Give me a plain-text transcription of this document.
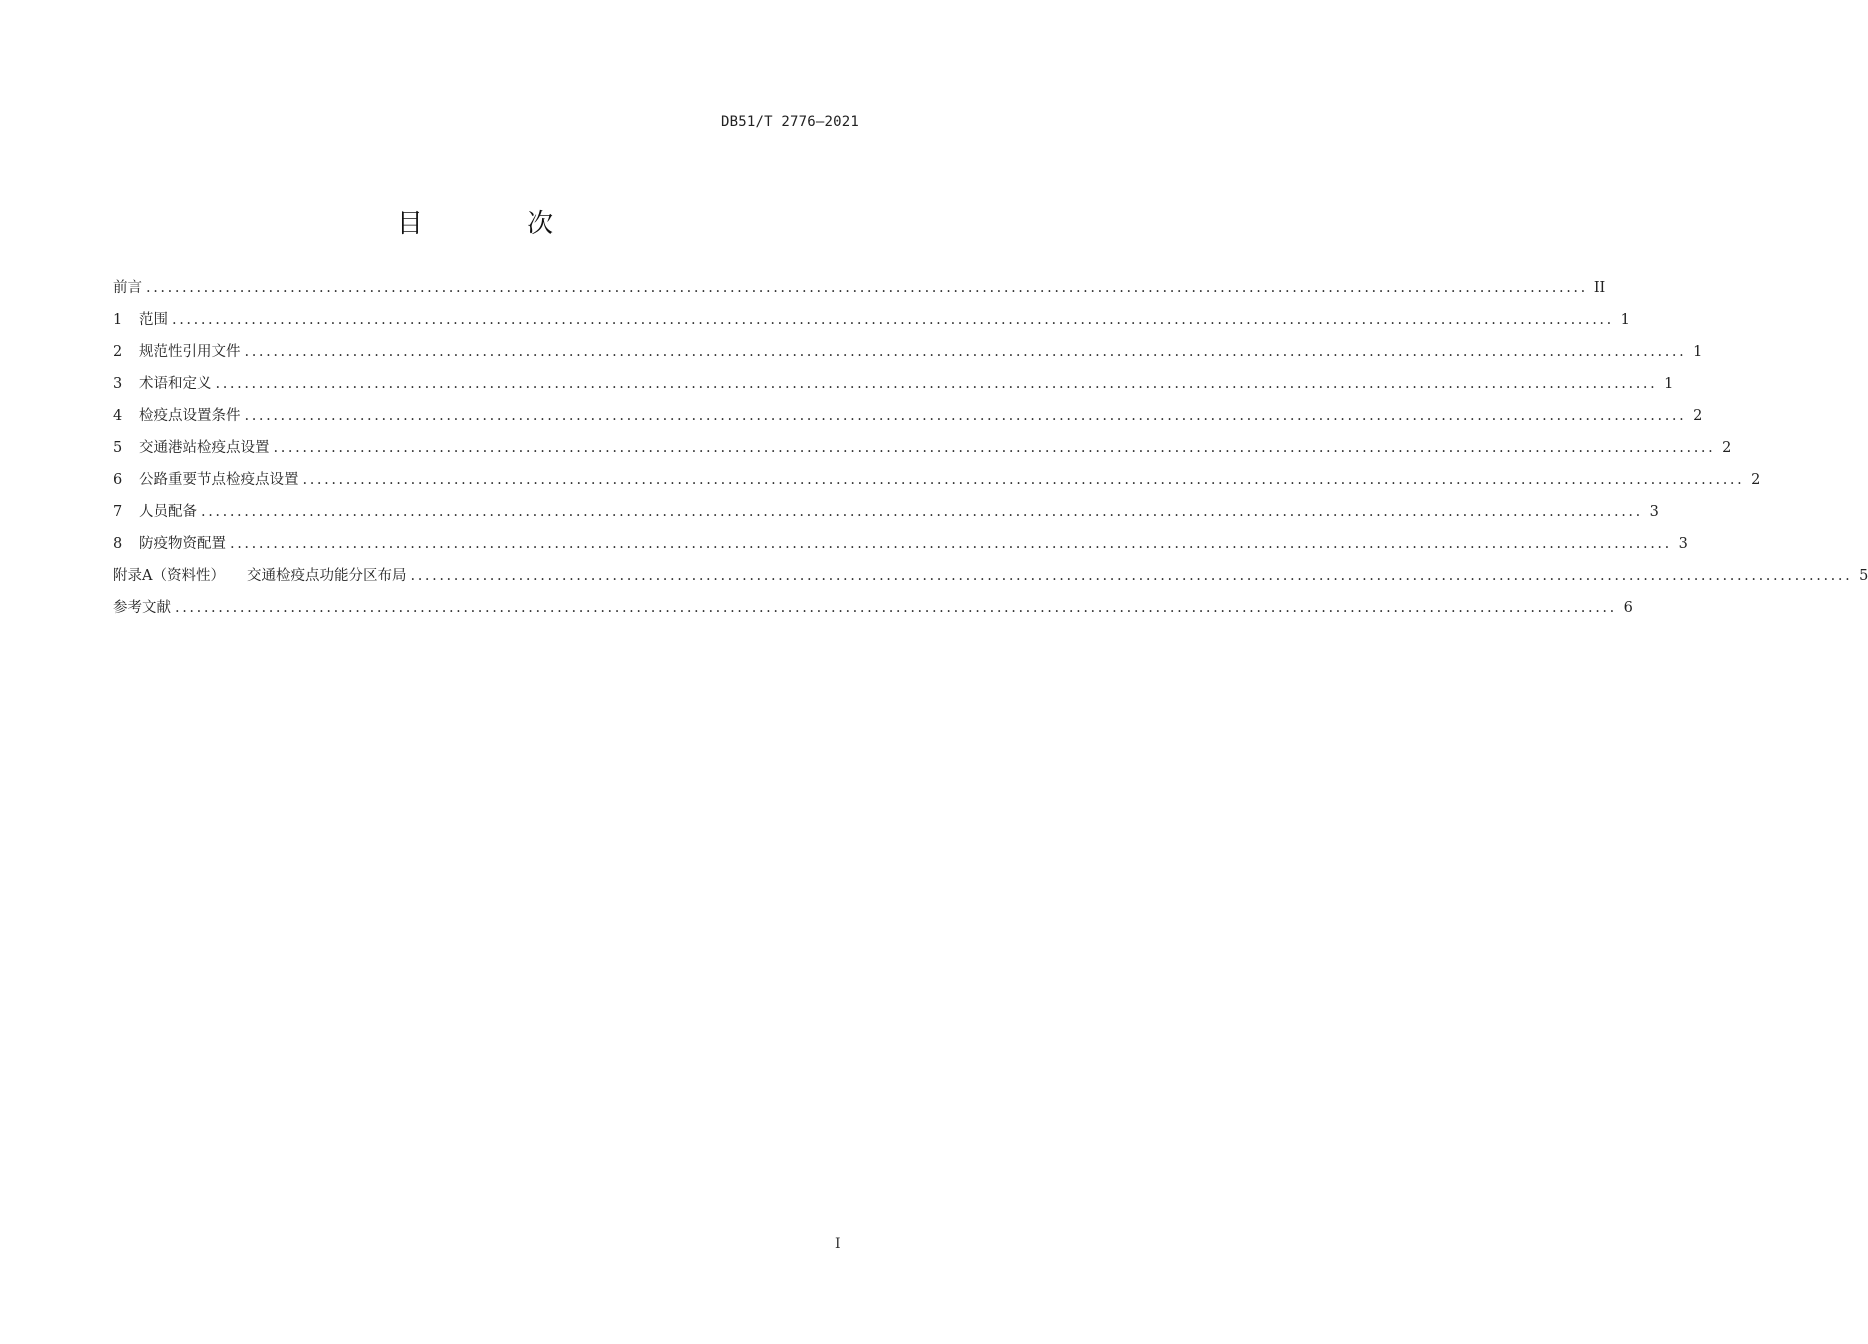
DB51/T 2776—2021
目 次
前言 ........................................................................................................................................................................................................ II
1	范围 ........................................................................................................................................................................................................ 1
2	规范性引用文件 ........................................................................................................................................................................................................ 1
3	术语和定义 ........................................................................................................................................................................................................ 1
4	检疫点设置条件 ........................................................................................................................................................................................................ 2
5	交通港站检疫点设置 ........................................................................................................................................................................................................ 2
6	公路重要节点检疫点设置 ........................................................................................................................................................................................................ 2
7	人员配备 ........................................................................................................................................................................................................ 3
8	防疫物资配置 ........................................................................................................................................................................................................ 3
附录A（资料性） 交通检疫点功能分区布局 ........................................................................................................................................................................................................ 5
参考文献 ........................................................................................................................................................................................................ 6
I
